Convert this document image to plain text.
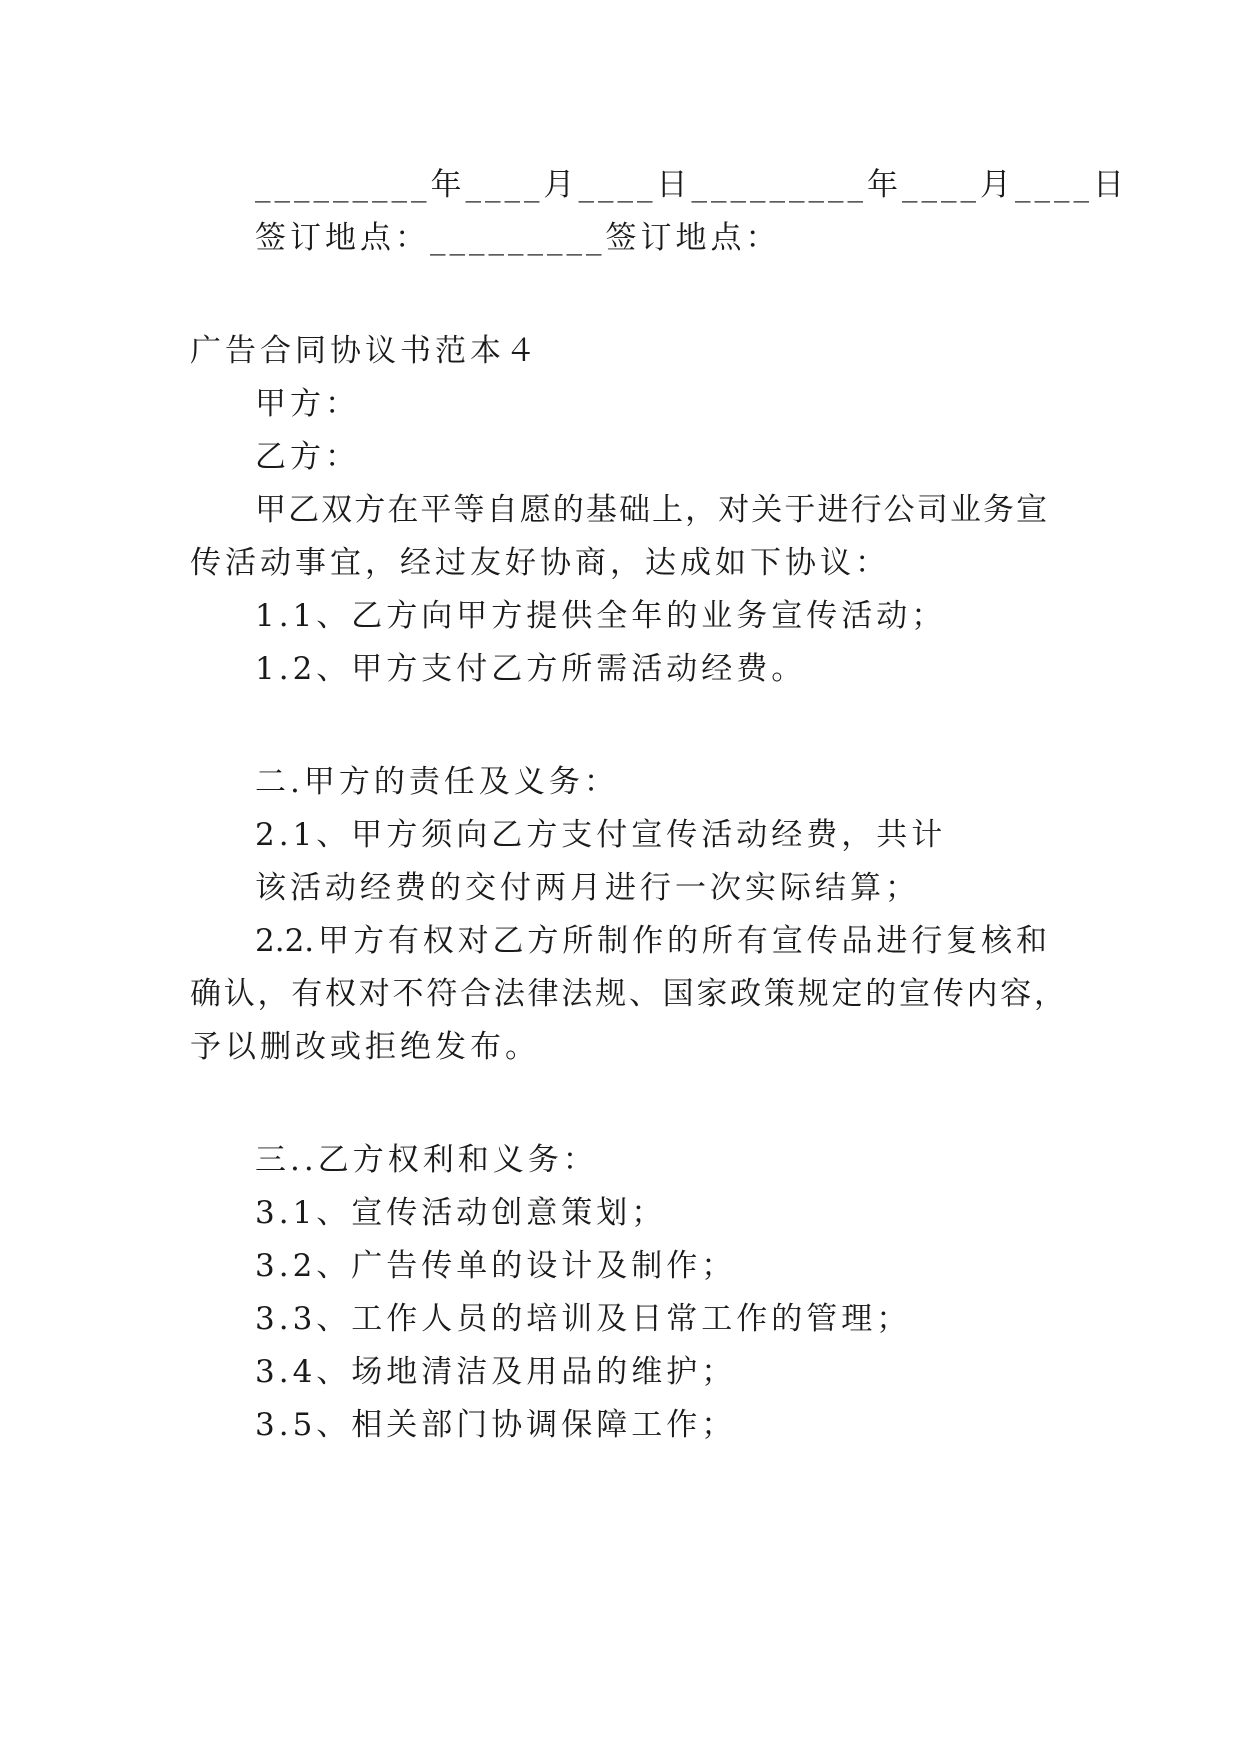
_________年____月____日_________年____月____日
签订地点：_________签订地点：
广告合同协议书范本４
甲方：
乙方：
甲乙双方在平等自愿的基础上，对关于进行公司业务宣
传活动事宜，经过友好协商，达成如下协议：
1.1、乙方向甲方提供全年的业务宣传活动；
1.2、甲方支付乙方所需活动经费。
二.甲方的责任及义务：
2.1、甲方须向乙方支付宣传活动经费，共计
该活动经费的交付两月进行一次实际结算；
2.2.甲方有权对乙方所制作的所有宣传品进行复核和
确认，有权对不符合法律法规、国家政策规定的宣传内容，
予以删改或拒绝发布。
三..乙方权利和义务：
3.1、宣传活动创意策划；
3.2、广告传单的设计及制作；
3.3、工作人员的培训及日常工作的管理；
3.4、场地清洁及用品的维护；
3.5、相关部门协调保障工作；
